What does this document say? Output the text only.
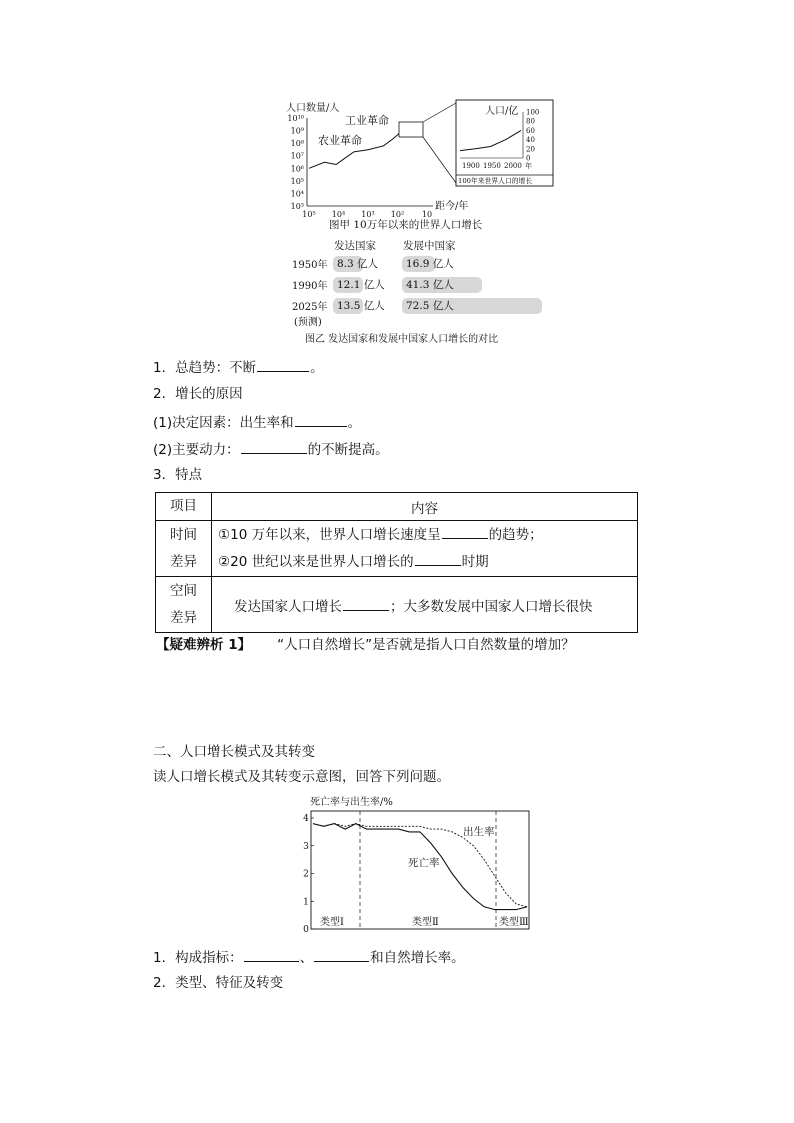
人口数量/人
10¹⁰
10⁹
10⁸
10⁷
10⁶
10⁵
10⁴
10³
10⁵ 10⁴ 10³ 10² 10
工业革命
农业革命
距今/年
人口/亿 100
80
60
40
20
0
1900 1950 2000 年
100年来世界人口的增长
图甲 10万年以来的世界人口增长
发达国家	发展中国家
1950年 8.3 亿人	16.9 亿人
1990年 12.1 亿人	41.3 亿人
2025年
(预测)
13.5 亿人	72.5 亿人
图乙 发达国家和发展中国家人口增长的对比
1．总趋势：不断	。
2．增长的原因
(1)决定因素：出生率和	。
(2)主要动力：	的不断提高。
3．特点
项目	内容
时间
差异	①10 万年以来，世界人口增长速度呈 的趋势；
②20 世纪以来是世界人口增长的 时期
空间
差异	发达国家人口增长 ；大多数发展中国家人口增长很快
【疑难辨析 1】 “人口自然增长”是否就是指人口自然数量的增加？
二、人口增长模式及其转变
读人口增长模式及其转变示意图，回答下列问题。
死亡率与出生率/%
4
3
2
1
0
出生率
死亡率
类型Ⅰ	类型Ⅱ	类型Ⅲ
1．构成指标：	、	和自然增长率。
2．类型、特征及转变
